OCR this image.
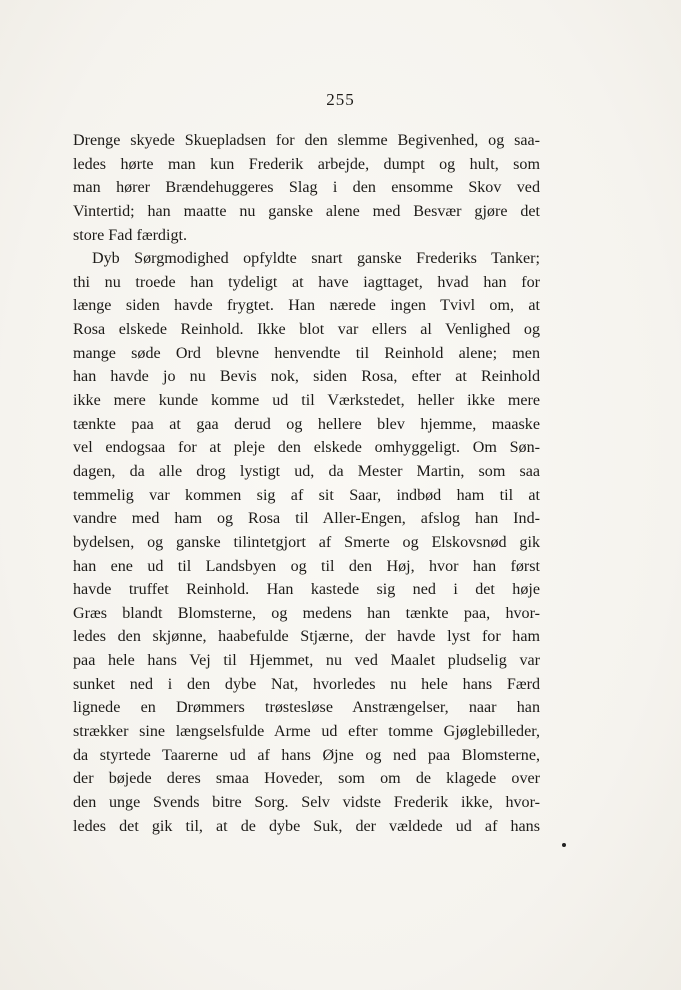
255
Drenge skyede Skuepladsen for den slemme Begivenhed, og saa-
ledes hørte man kun Frederik arbejde, dumpt og hult, som
man hører Brændehuggeres Slag i den ensomme Skov ved
Vintertid; han maatte nu ganske alene med Besvær gjøre det
store Fad færdigt.
Dyb Sørgmodighed opfyldte snart ganske Frederiks Tanker;
thi nu troede han tydeligt at have iagttaget, hvad han for
længe siden havde frygtet. Han nærede ingen Tvivl om, at
Rosa elskede Reinhold. Ikke blot var ellers al Venlighed og
mange søde Ord blevne henvendte til Reinhold alene; men
han havde jo nu Bevis nok, siden Rosa, efter at Reinhold
ikke mere kunde komme ud til Værkstedet, heller ikke mere
tænkte paa at gaa derud og hellere blev hjemme, maaske
vel endogsaa for at pleje den elskede omhyggeligt. Om Søn-
dagen, da alle drog lystigt ud, da Mester Martin, som saa
temmelig var kommen sig af sit Saar, indbød ham til at
vandre med ham og Rosa til Aller-Engen, afslog han Ind-
bydelsen, og ganske tilintetgjort af Smerte og Elskovsnød gik
han ene ud til Landsbyen og til den Høj, hvor han først
havde truffet Reinhold. Han kastede sig ned i det høje
Græs blandt Blomsterne, og medens han tænkte paa, hvor-
ledes den skjønne, haabefulde Stjærne, der havde lyst for ham
paa hele hans Vej til Hjemmet, nu ved Maalet pludselig var
sunket ned i den dybe Nat, hvorledes nu hele hans Færd
lignede en Drømmers trøstesløse Anstrængelser, naar han
strækker sine længselsfulde Arme ud efter tomme Gjøglebilleder,
da styrtede Taarerne ud af hans Øjne og ned paa Blomsterne,
der bøjede deres smaa Hoveder, som om de klagede over
den unge Svends bitre Sorg. Selv vidste Frederik ikke, hvor-
ledes det gik til, at de dybe Suk, der vældede ud af hans
